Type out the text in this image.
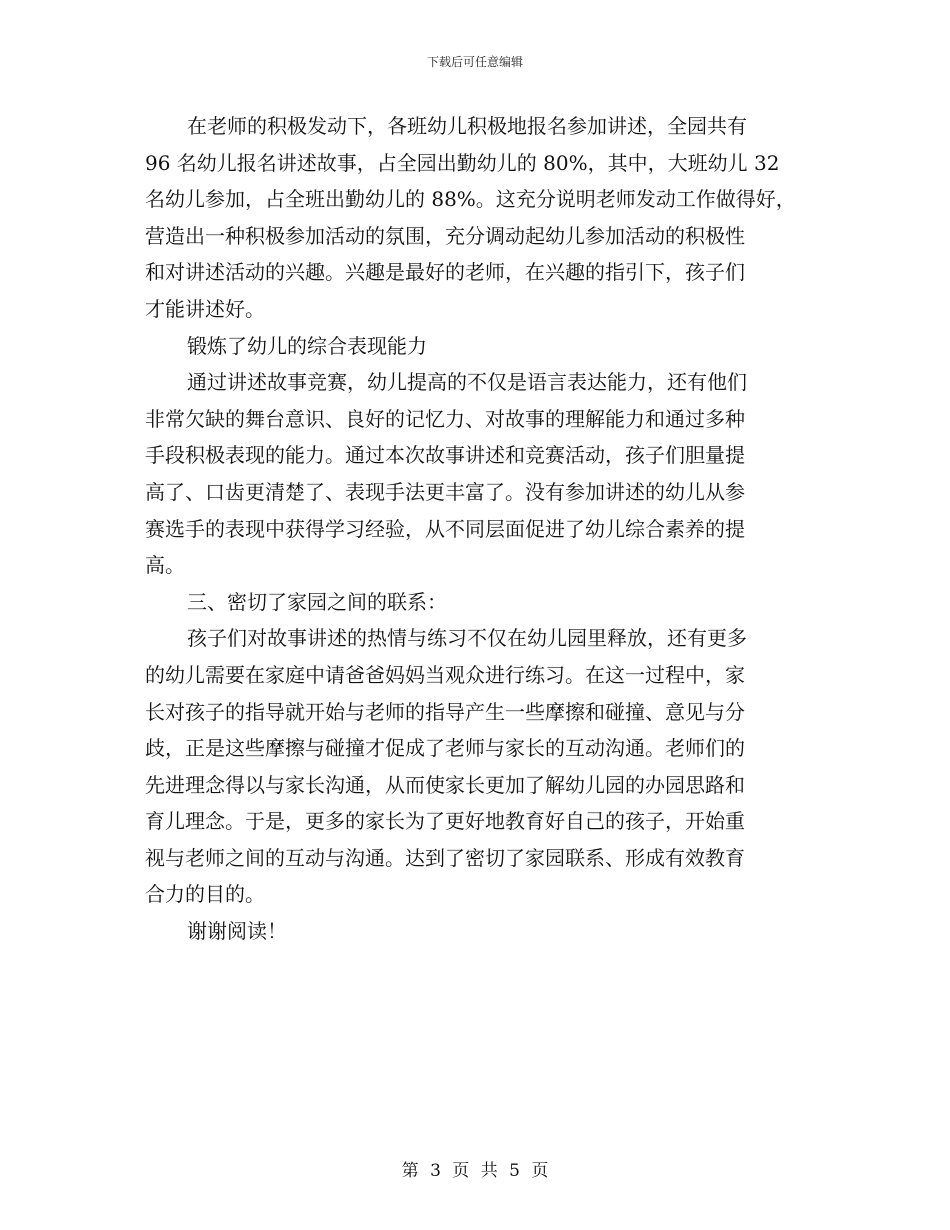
下载后可任意编辑
在老师的积极发动下，各班幼儿积极地报名参加讲述，全园共有
96 名幼儿报名讲述故事，占全园出勤幼儿的 80%，其中，大班幼儿 32
名幼儿参加，占全班出勤幼儿的 88%。这充分说明老师发动工作做得好，
营造出一种积极参加活动的氛围，充分调动起幼儿参加活动的积极性
和对讲述活动的兴趣。兴趣是最好的老师，在兴趣的指引下，孩子们
才能讲述好。
锻炼了幼儿的综合表现能力
通过讲述故事竞赛，幼儿提高的不仅是语言表达能力，还有他们
非常欠缺的舞台意识、良好的记忆力、对故事的理解能力和通过多种
手段积极表现的能力。通过本次故事讲述和竞赛活动，孩子们胆量提
高了、口齿更清楚了、表现手法更丰富了。没有参加讲述的幼儿从参
赛选手的表现中获得学习经验，从不同层面促进了幼儿综合素养的提
高。
三、密切了家园之间的联系：
孩子们对故事讲述的热情与练习不仅在幼儿园里释放，还有更多
的幼儿需要在家庭中请爸爸妈妈当观众进行练习。在这一过程中，家
长对孩子的指导就开始与老师的指导产生一些摩擦和碰撞、意见与分
歧，正是这些摩擦与碰撞才促成了老师与家长的互动沟通。老师们的
先进理念得以与家长沟通，从而使家长更加了解幼儿园的办园思路和
育儿理念。于是，更多的家长为了更好地教育好自己的孩子，开始重
视与老师之间的互动与沟通。达到了密切了家园联系、形成有效教育
合力的目的。
谢谢阅读！
第 3 页 共 5 页
